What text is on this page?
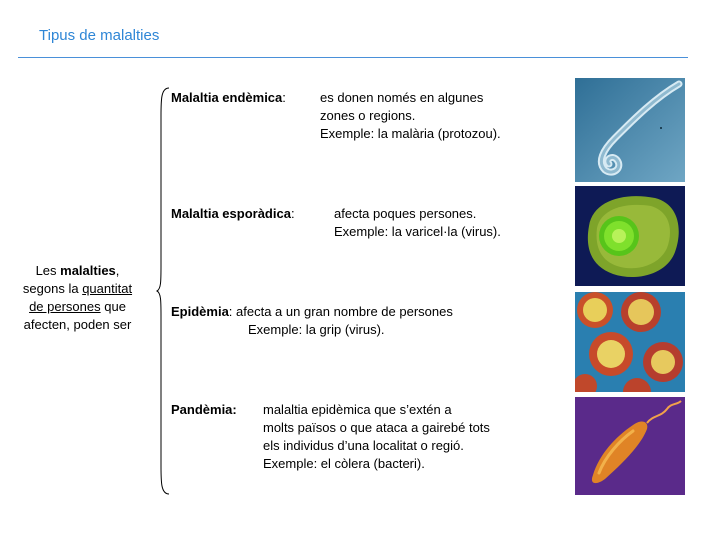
Tipus de malalties
Les malalties,
segons la quantitat
de persones que
afecten, poden ser
Malaltia endèmica:	es donen només en algunes
zones o regions.
Exemple: la malària (protozou).
Malaltia esporàdica:	afecta poques persones.
Exemple: la varicel·la (virus).
Epidèmia: afecta a un gran nombre de persones
Exemple: la grip (virus).
Pandèmia: malaltia epidèmica que s’extén a
molts països o que ataca a gairebé tots
els individus d’una localitat o regió.
Exemple: el còlera (bacteri).
